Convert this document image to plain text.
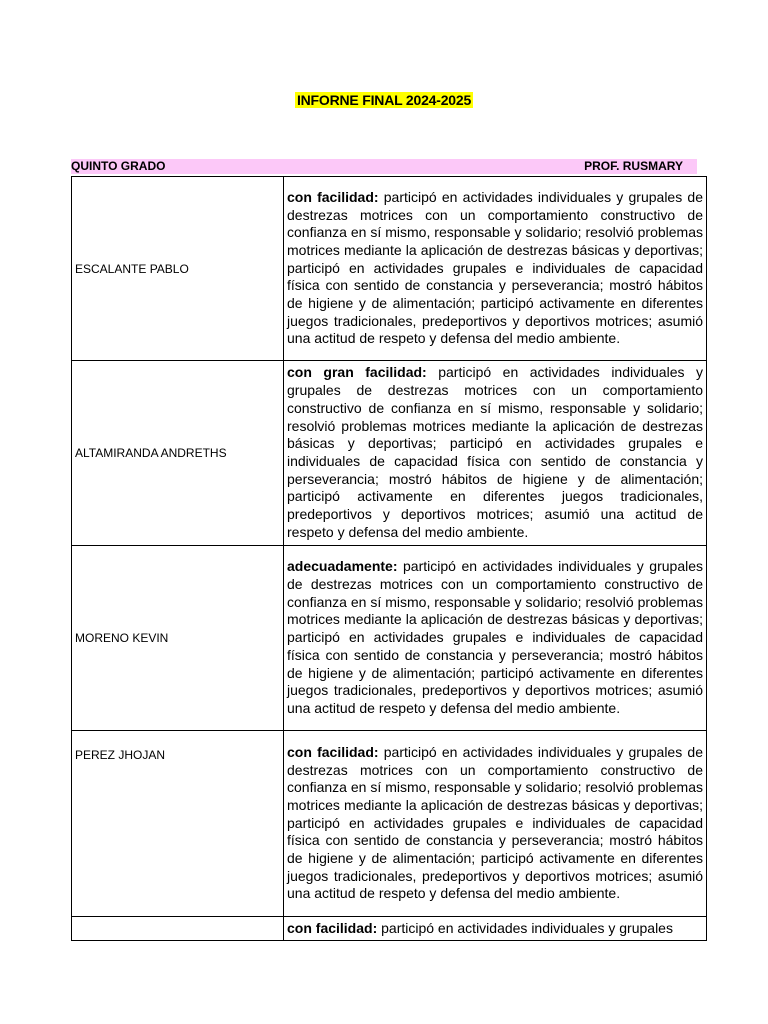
INFORNE FINAL 2024-2025
QUINTO GRADO	PROF. RUSMARY
ESCALANTE PABLO	con facilidad: participó en actividades individuales y grupales de destrezas motrices con un comportamiento constructivo de confianza en sí mismo, responsable y solidario; resolvió problemas motrices mediante la aplicación de destrezas básicas y deportivas; participó en actividades grupales e individuales de capacidad física con sentido de constancia y perseverancia; mostró hábitos de higiene y de alimentación; participó activamente en diferentes juegos tradicionales, predeportivos y deportivos motrices; asumió una actitud de respeto y defensa del medio ambiente.
ALTAMIRANDA ANDRETHS	con gran facilidad: participó en actividades individuales y grupales de destrezas motrices con un comportamiento constructivo de confianza en sí mismo, responsable y solidario; resolvió problemas motrices mediante la aplicación de destrezas básicas y deportivas; participó en actividades grupales e individuales de capacidad física con sentido de constancia y perseverancia; mostró hábitos de higiene y de alimentación; participó activamente en diferentes juegos tradicionales, predeportivos y deportivos motrices; asumió una actitud de respeto y defensa del medio ambiente.
MORENO KEVIN	adecuadamente: participó en actividades individuales y grupales de destrezas motrices con un comportamiento constructivo de confianza en sí mismo, responsable y solidario; resolvió problemas motrices mediante la aplicación de destrezas básicas y deportivas; participó en actividades grupales e individuales de capacidad física con sentido de constancia y perseverancia; mostró hábitos de higiene y de alimentación; participó activamente en diferentes juegos tradicionales, predeportivos y deportivos motrices; asumió una actitud de respeto y defensa del medio ambiente.
PEREZ JHOJAN	con facilidad: participó en actividades individuales y grupales de destrezas motrices con un comportamiento constructivo de confianza en sí mismo, responsable y solidario; resolvió problemas motrices mediante la aplicación de destrezas básicas y deportivas; participó en actividades grupales e individuales de capacidad física con sentido de constancia y perseverancia; mostró hábitos de higiene y de alimentación; participó activamente en diferentes juegos tradicionales, predeportivos y deportivos motrices; asumió una actitud de respeto y defensa del medio ambiente.
	con facilidad: participó en actividades individuales y grupales
